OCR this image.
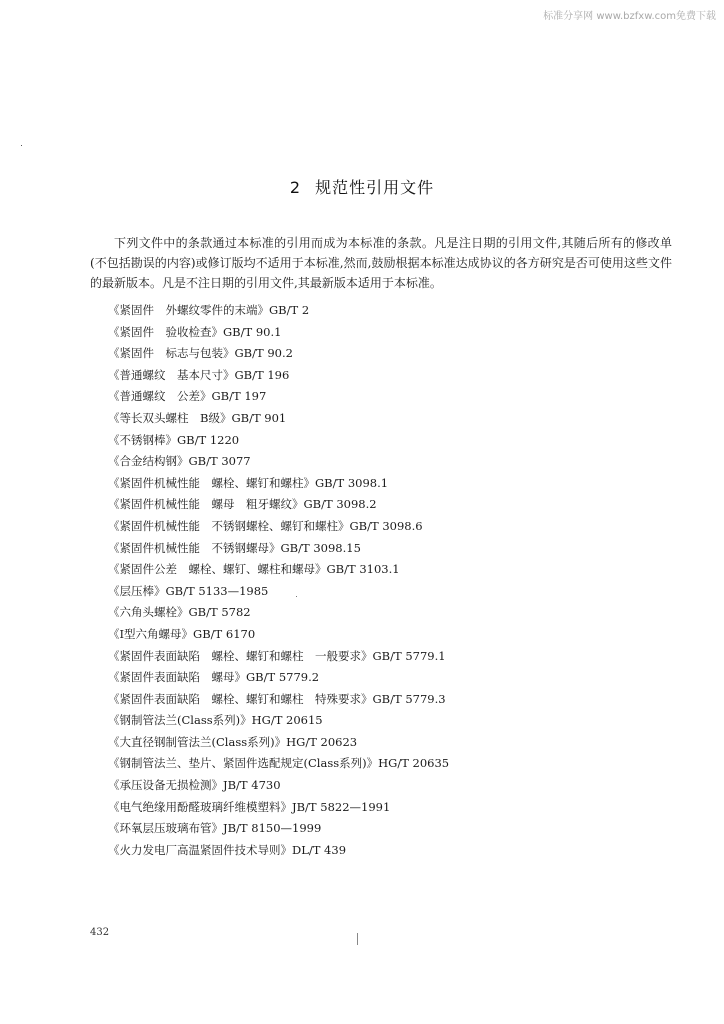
标准分享网 www.bzfxw.com免费下载
2 规范性引用文件

下列文件中的条款通过本标准的引用而成为本标准的条款。凡是注日期的引用文件,其随后所有的修改单(不包括勘误的内容)或修订版均不适用于本标准,然而,鼓励根据本标准达成协议的各方研究是否可使用这些文件的最新版本。凡是不注日期的引用文件,其最新版本适用于本标准。

《紧固件　外螺纹零件的末端》GB/T 2
《紧固件　验收检查》GB/T 90.1
《紧固件　标志与包装》GB/T 90.2
《普通螺纹　基本尺寸》GB/T 196
《普通螺纹　公差》GB/T 197
《等长双头螺柱　B级》GB/T 901
《不锈钢棒》GB/T 1220
《合金结构钢》GB/T 3077
《紧固件机械性能　螺栓、螺钉和螺柱》GB/T 3098.1
《紧固件机械性能　螺母　粗牙螺纹》GB/T 3098.2
《紧固件机械性能　不锈钢螺栓、螺钉和螺柱》GB/T 3098.6
《紧固件机械性能　不锈钢螺母》GB/T 3098.15
《紧固件公差　螺栓、螺钉、螺柱和螺母》GB/T 3103.1
《层压棒》GB/T 5133—1985
《六角头螺栓》GB/T 5782
《I型六角螺母》GB/T 6170
《紧固件表面缺陷　螺栓、螺钉和螺柱　一般要求》GB/T 5779.1
《紧固件表面缺陷　螺母》GB/T 5779.2
《紧固件表面缺陷　螺栓、螺钉和螺柱　特殊要求》GB/T 5779.3
《钢制管法兰(Class系列)》HG/T 20615
《大直径钢制管法兰(Class系列)》HG/T 20623
《钢制管法兰、垫片、紧固件选配规定(Class系列)》HG/T 20635
《承压设备无损检测》JB/T 4730
《电气绝缘用酚醛玻璃纤维模塑料》JB/T 5822—1991
《环氧层压玻璃布管》JB/T 8150—1999
《火力发电厂高温紧固件技术导则》DL/T 439
432
